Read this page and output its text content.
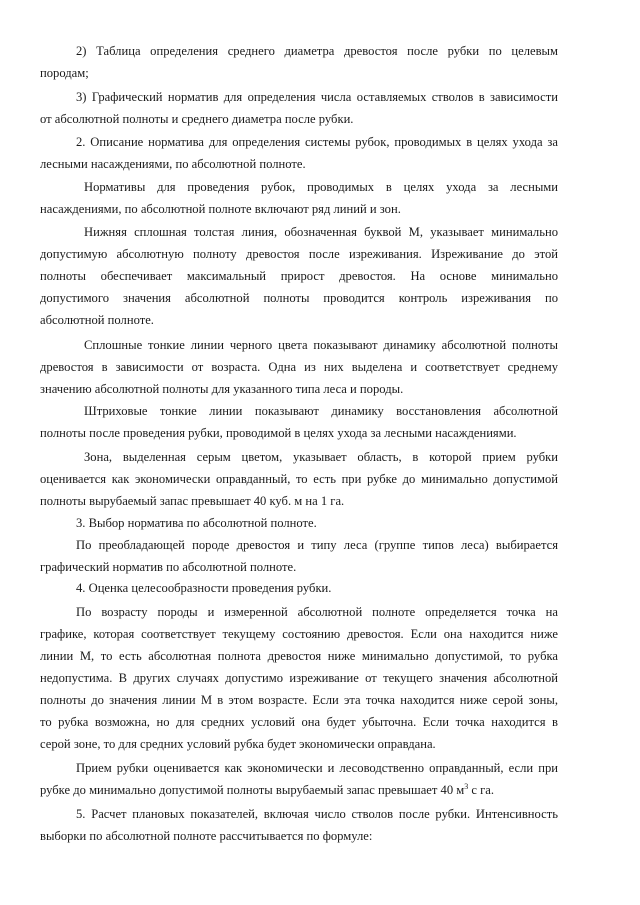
2) Таблица определения среднего диаметра древостоя после рубки по целевым
породам;

3) Графический норматив для определения числа оставляемых стволов в зависимости
от абсолютной полноты и среднего диаметра после рубки.

2. Описание норматива для определения системы рубок, проводимых в целях ухода за
лесными насаждениями, по абсолютной полноте.

Нормативы для проведения рубок, проводимых в целях ухода за лесными
насаждениями, по абсолютной полноте включают ряд линий и зон.

Нижняя сплошная толстая линия, обозначенная буквой М, указывает минимально
допустимую абсолютную полноту древостоя после изреживания. Изреживание до этой
полноты обеспечивает максимальный прирост древостоя. На основе минимально
допустимого значения абсолютной полноты проводится контроль изреживания по
абсолютной полноте.

Сплошные тонкие линии черного цвета показывают динамику абсолютной полноты
древостоя в зависимости от возраста. Одна из них выделена и соответствует среднему
значению абсолютной полноты для указанного типа леса и породы.

Штриховые тонкие линии показывают динамику восстановления абсолютной
полноты после проведения рубки, проводимой в целях ухода за лесными насаждениями.

Зона, выделенная серым цветом, указывает область, в которой прием рубки
оценивается как экономически оправданный, то есть при рубке до минимально допустимой
полноты вырубаемый запас превышает 40 куб. м на 1 га.

3. Выбор норматива по абсолютной полноте.

По преобладающей породе древостоя и типу леса (группе типов леса) выбирается
графический норматив по абсолютной полноте.

4. Оценка целесообразности проведения рубки.

По возрасту породы и измеренной абсолютной полноте определяется точка на
графике, которая соответствует текущему состоянию древостоя. Если она находится ниже
линии М, то есть абсолютная полнота древостоя ниже минимально допустимой, то рубка
недопустима. В других случаях допустимо изреживание от текущего значения абсолютной
полноты до значения линии М в этом возрасте. Если эта точка находится ниже серой зоны,
то рубка возможна, но для средних условий она будет убыточна. Если точка находится в
серой зоне, то для средних условий рубка будет экономически оправдана.

Прием рубки оценивается как экономически и лесоводственно оправданный, если при
рубке до минимально допустимой полноты вырубаемый запас превышает 40 $м^3$ с га.

5. Расчет плановых показателей, включая число стволов после рубки. Интенсивность
выборки по абсолютной полноте рассчитывается по формуле:
